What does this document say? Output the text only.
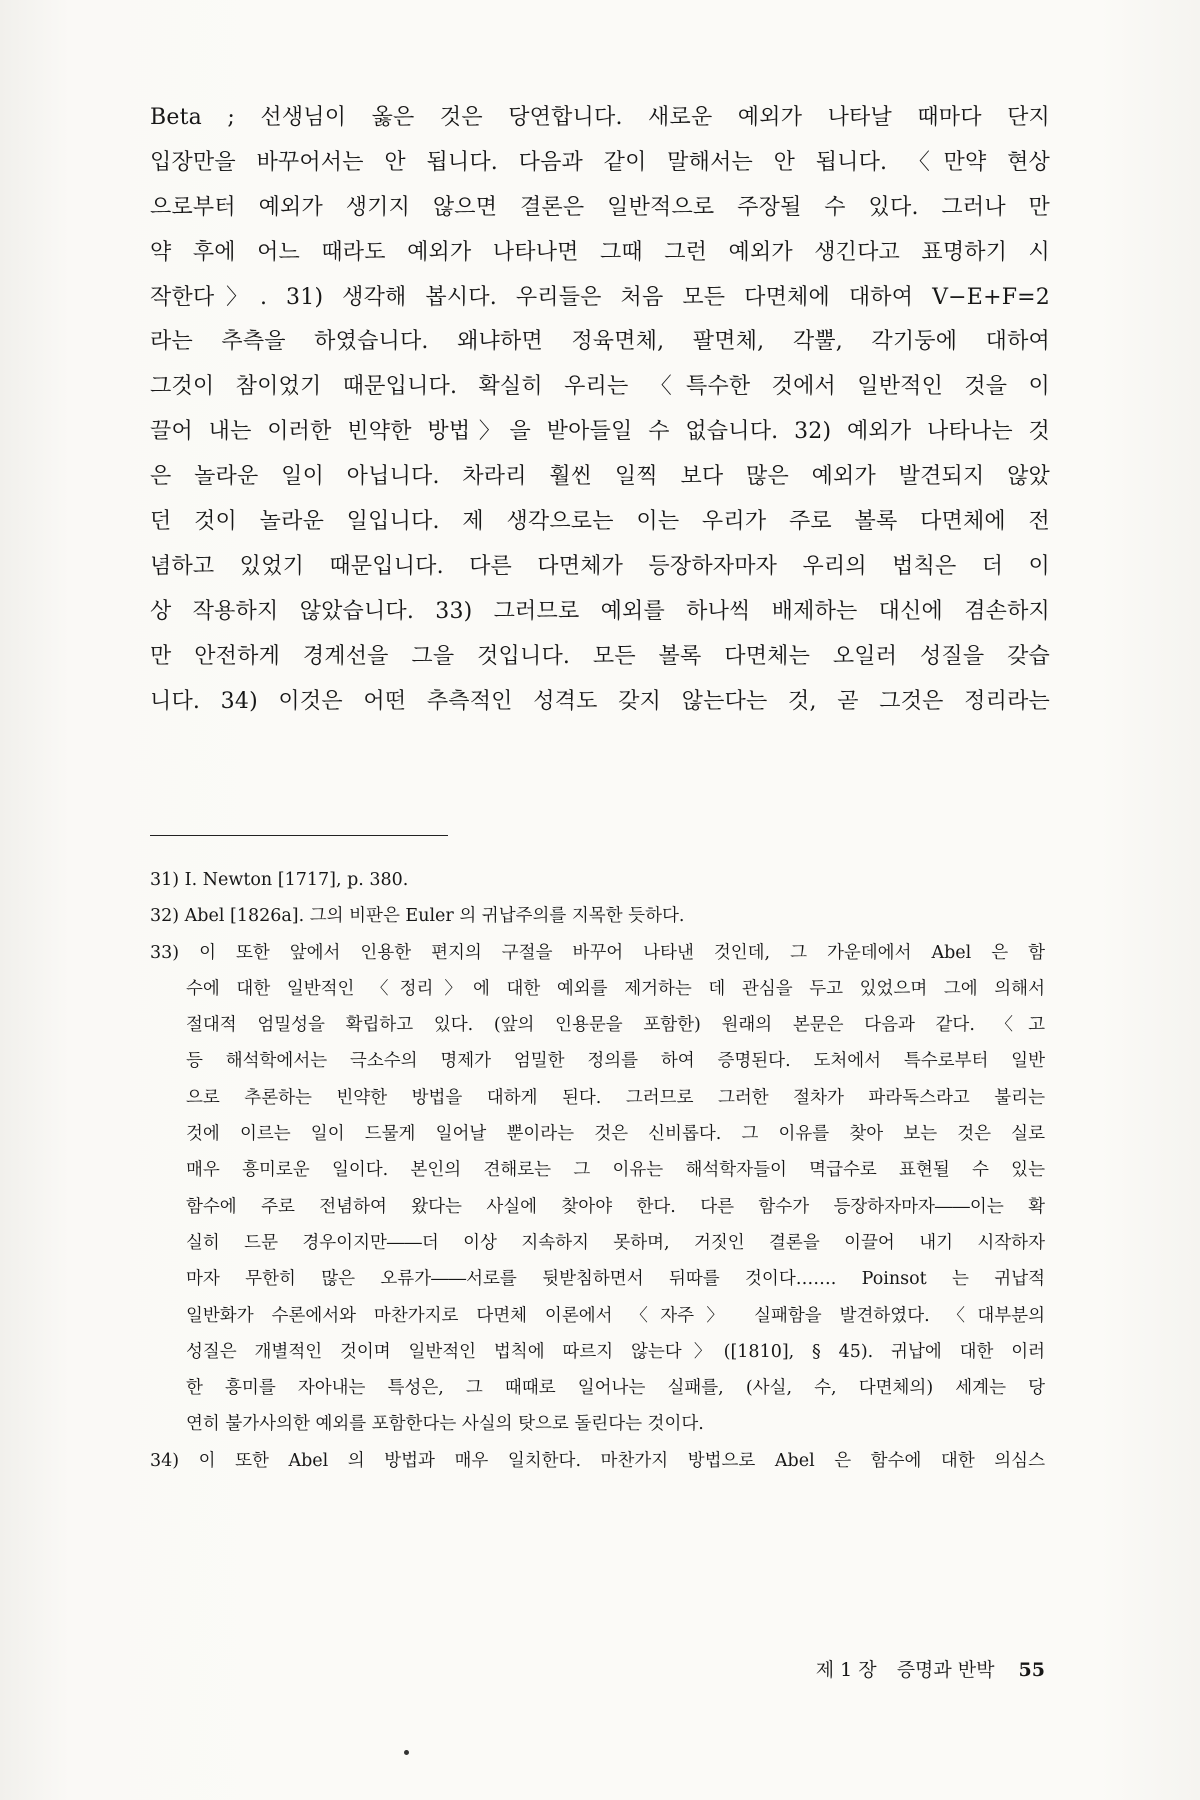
Beta ; 선생님이 옳은 것은 당연합니다. 새로운 예외가 나타날 때마다 단지
입장만을 바꾸어서는 안 됩니다. 다음과 같이 말해서는 안 됩니다. 〈만약 현상
으로부터 예외가 생기지 않으면 결론은 일반적으로 주장될 수 있다. 그러나 만
약 후에 어느 때라도 예외가 나타나면 그때 그런 예외가 생긴다고 표명하기 시
작한다〉. 31) 생각해 봅시다. 우리들은 처음 모든 다면체에 대하여 V−E+F=2
라는 추측을 하였습니다. 왜냐하면 정육면체, 팔면체, 각뿔, 각기둥에 대하여
그것이 참이었기 때문입니다. 확실히 우리는 〈특수한 것에서 일반적인 것을 이
끌어 내는 이러한 빈약한 방법〉을 받아들일 수 없습니다. 32) 예외가 나타나는 것
은 놀라운 일이 아닙니다. 차라리 훨씬 일찍 보다 많은 예외가 발견되지 않았
던 것이 놀라운 일입니다. 제 생각으로는 이는 우리가 주로 볼록 다면체에 전
념하고 있었기 때문입니다. 다른 다면체가 등장하자마자 우리의 법칙은 더 이
상 작용하지 않았습니다. 33) 그러므로 예외를 하나씩 배제하는 대신에 겸손하지
만 안전하게 경계선을 그을 것입니다. 모든 볼록 다면체는 오일러 성질을 갖습
니다. 34) 이것은 어떤 추측적인 성격도 갖지 않는다는 것, 곧 그것은 정리라는
31) I. Newton [1717], p. 380.
32) Abel [1826a]. 그의 비판은 Euler 의 귀납주의를 지목한 듯하다.
33) 이 또한 앞에서 인용한 편지의 구절을 바꾸어 나타낸 것인데, 그 가운데에서 Abel 은 함
수에 대한 일반적인 〈정리〉에 대한 예외를 제거하는 데 관심을 두고 있었으며 그에 의해서
절대적 엄밀성을 확립하고 있다. (앞의 인용문을 포함한) 원래의 본문은 다음과 같다. 〈고
등 해석학에서는 극소수의 명제가 엄밀한 정의를 하여 증명된다. 도처에서 특수로부터 일반
으로 추론하는 빈약한 방법을 대하게 된다. 그러므로 그러한 절차가 파라독스라고 불리는
것에 이르는 일이 드물게 일어날 뿐이라는 것은 신비롭다. 그 이유를 찾아 보는 것은 실로
매우 흥미로운 일이다. 본인의 견해로는 그 이유는 해석학자들이 멱급수로 표현될 수 있는
함수에 주로 전념하여 왔다는 사실에 찾아야 한다. 다른 함수가 등장하자마자――이는 확
실히 드문 경우이지만――더 이상 지속하지 못하며, 거짓인 결론을 이끌어 내기 시작하자
마자 무한히 많은 오류가――서로를 뒷받침하면서 뒤따를 것이다……. Poinsot 는 귀납적
일반화가 수론에서와 마찬가지로 다면체 이론에서 〈자주〉 실패함을 발견하였다. 〈대부분의
성질은 개별적인 것이며 일반적인 법칙에 따르지 않는다〉([1810], § 45). 귀납에 대한 이러
한 흥미를 자아내는 특성은, 그 때때로 일어나는 실패를, (사실, 수, 다면체의) 세계는 당
연히 불가사의한 예외를 포함한다는 사실의 탓으로 돌린다는 것이다.
34) 이 또한 Abel 의 방법과 매우 일치한다. 마찬가지 방법으로 Abel 은 함수에 대한 의심스
제 1 장 증명과 반박 55
